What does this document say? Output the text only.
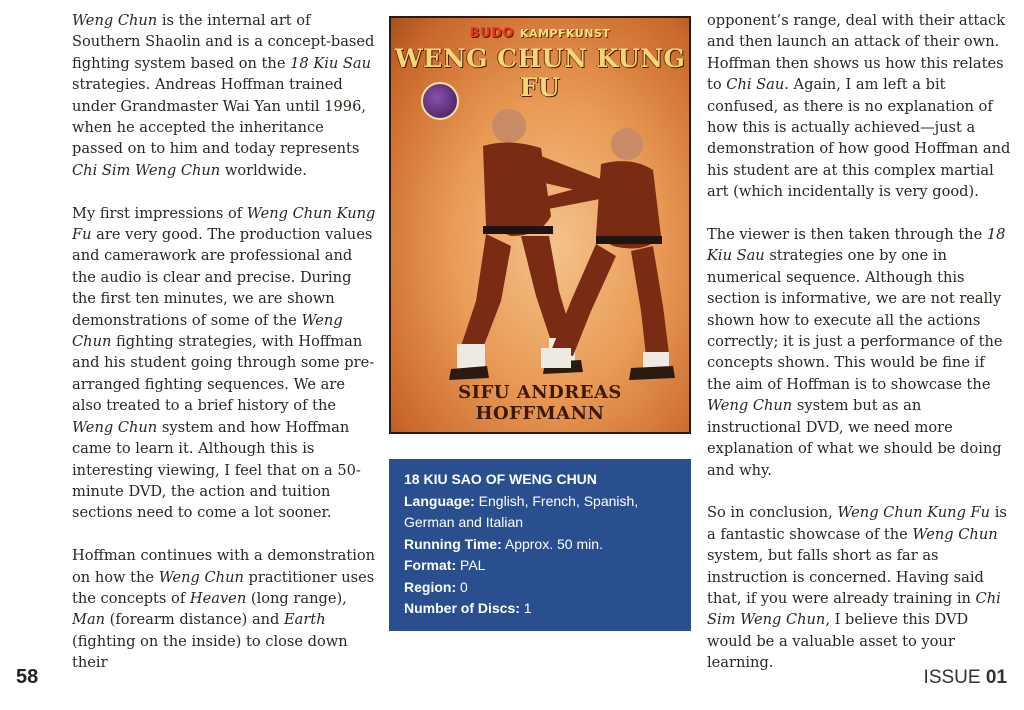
Weng Chun is the internal art of Southern Shaolin and is a concept-based fighting system based on the 18 Kiu Sau strategies. Andreas Hoffman trained under Grandmaster Wai Yan until 1996, when he accepted the inheritance passed on to him and today represents Chi Sim Weng Chun worldwide.

My first impressions of Weng Chun Kung Fu are very good. The production values and camerawork are professional and the audio is clear and precise. During the first ten minutes, we are shown demonstrations of some of the Weng Chun fighting strategies, with Hoffman and his student going through some pre-arranged fighting sequences. We are also treated to a brief history of the Weng Chun system and how Hoffman came to learn it. Although this is interesting viewing, I feel that on a 50-minute DVD, the action and tuition sections need to come a lot sooner.

Hoffman continues with a demonstration on how the Weng Chun practitioner uses the concepts of Heaven (long range), Man (forearm distance) and Earth (fighting on the inside) to close down their

BUDO KAMPFKUNST
WENG CHUN KUNG FU
SIFU ANDREAS HOFFMANN
18 KIU SAO OF WENG CHUN
Language: English, French, Spanish, German and Italian
Running Time: Approx. 50 min.
Format: PAL
Region: 0
Number of Discs: 1

opponent’s range, deal with their attack and then launch an attack of their own. Hoffman then shows us how this relates to Chi Sau. Again, I am left a bit confused, as there is no explanation of how this is actually achieved—just a demonstration of how good Hoffman and his student are at this complex martial art (which incidentally is very good).

The viewer is then taken through the 18 Kiu Sau strategies one by one in numerical sequence. Although this section is informative, we are not really shown how to execute all the actions correctly; it is just a performance of the concepts shown. This would be fine if the aim of Hoffman is to showcase the Weng Chun system but as an instructional DVD, we need more explanation of what we should be doing and why.

So in conclusion, Weng Chun Kung Fu is a fantastic showcase of the Weng Chun system, but falls short as far as instruction is concerned. Having said that, if you were already training in Chi Sim Weng Chun, I believe this DVD would be a valuable asset to your learning.

58	ISSUE 01
